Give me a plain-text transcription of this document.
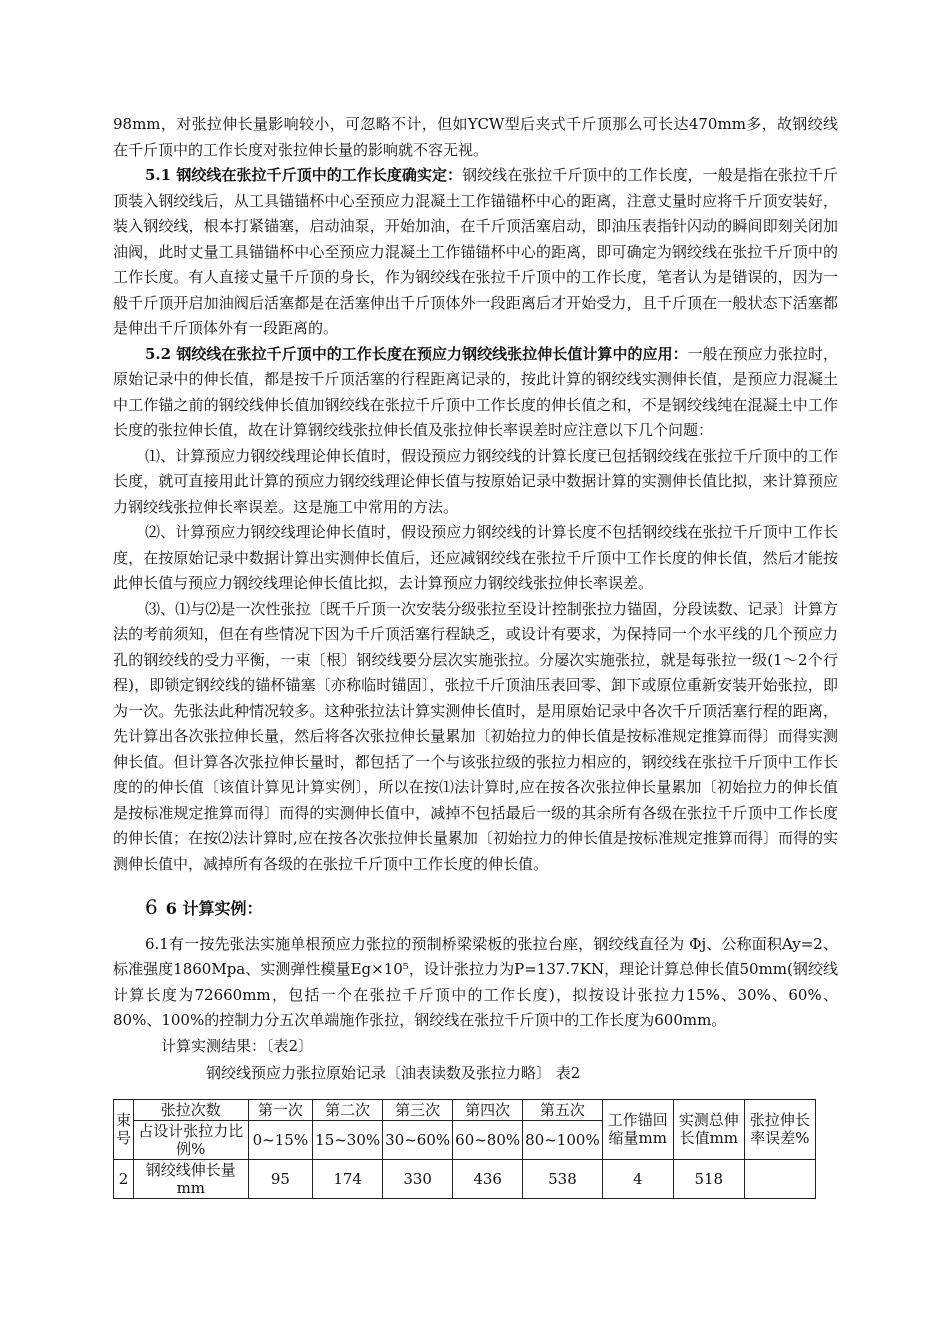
98mm，对张拉伸长量影响较小，可忽略不计，但如YCW型后夹式千斤顶那么可长达470mm多，故钢绞线在千斤顶中的工作长度对张拉伸长量的影响就不容无视。

5.1 钢绞线在张拉千斤顶中的工作长度确实定：钢绞线在张拉千斤顶中的工作长度，一般是指在张拉千斤顶装入钢绞线后，从工具锚锚杯中心至预应力混凝土工作锚锚杯中心的距离，注意丈量时应将千斤顶安装好，装入钢绞线，根本打紧锚塞，启动油泵，开始加油，在千斤顶活塞启动，即油压表指针闪动的瞬间即刻关闭加油阀，此时丈量工具锚锚杯中心至预应力混凝土工作锚锚杯中心的距离，即可确定为钢绞线在张拉千斤顶中的工作长度。有人直接丈量千斤顶的身长，作为钢绞线在张拉千斤顶中的工作长度，笔者认为是错误的，因为一般千斤顶开启加油阀后活塞都是在活塞伸出千斤顶体外一段距离后才开始受力，且千斤顶在一般状态下活塞都是伸出千斤顶体外有一段距离的。

5.2 钢绞线在张拉千斤顶中的工作长度在预应力钢绞线张拉伸长值计算中的应用：一般在预应力张拉时，原始记录中的伸长值，都是按千斤顶活塞的行程距离记录的，按此计算的钢绞线实测伸长值，是预应力混凝土中工作锚之前的钢绞线伸长值加钢绞线在张拉千斤顶中工作长度的伸长值之和，不是钢绞线纯在混凝土中工作长度的张拉伸长值，故在计算钢绞线张拉伸长值及张拉伸长率误差时应注意以下几个问题：

⑴、计算预应力钢绞线理论伸长值时，假设预应力钢绞线的计算长度已包括钢绞线在张拉千斤顶中的工作长度，就可直接用此计算的预应力钢绞线理论伸长值与按原始记录中数据计算的实测伸长值比拟，来计算预应力钢绞线张拉伸长率误差。这是施工中常用的方法。

⑵、计算预应力钢绞线理论伸长值时，假设预应力钢绞线的计算长度不包括钢绞线在张拉千斤顶中工作长度，在按原始记录中数据计算出实测伸长值后，还应减钢绞线在张拉千斤顶中工作长度的伸长值，然后才能按此伸长值与预应力钢绞线理论伸长值比拟，去计算预应力钢绞线张拉伸长率误差。

⑶、⑴与⑵是一次性张拉〔既千斤顶一次安装分级张拉至设计控制张拉力锚固，分段读数、记录〕计算方法的考前须知，但在有些情况下因为千斤顶活塞行程缺乏，或设计有要求，为保持同一个水平线的几个预应力孔的钢绞线的受力平衡，一束〔根〕钢绞线要分层次实施张拉。分屡次实施张拉，就是每张拉一级(1～2个行程)，即锁定钢绞线的锚杯锚塞〔亦称临时锚固〕，张拉千斤顶油压表回零、卸下或原位重新安装开始张拉，即为一次。先张法此种情况较多。这种张拉法计算实测伸长值时，是用原始记录中各次千斤顶活塞行程的距离，先计算出各次张拉伸长量，然后将各次张拉伸长量累加〔初始拉力的伸长值是按标准规定推算而得〕而得实测伸长值。但计算各次张拉伸长量时，都包括了一个与该张拉级的张拉力相应的，钢绞线在张拉千斤顶中工作长度的的伸长值〔该值计算见计算实例〕，所以在按⑴法计算时,应在按各次张拉伸长量累加〔初始拉力的伸长值是按标准规定推算而得〕而得的实测伸长值中，减掉不包括最后一级的其余所有各级在张拉千斤顶中工作长度的伸长值；在按⑵法计算时,应在按各次张拉伸长量累加〔初始拉力的伸长值是按标准规定推算而得〕而得的实测伸长值中，减掉所有各级的在张拉千斤顶中工作长度的伸长值。

6 6 计算实例：

6.1有一按先张法实施单根预应力张拉的预制桥梁梁板的张拉台座，钢绞线直径为 Φj、公称面积Ay=2、标准强度1860Mpa、实测弹性模量Eg×10⁵，设计张拉力为P=137.7KN，理论计算总伸长值50mm(钢绞线计算长度为72660mm，包括一个在张拉千斤顶中的工作长度)，拟按设计张拉力15%、30%、60%、80%、100%的控制力分五次单端施作张拉，钢绞线在张拉千斤顶中的工作长度为600mm。

计算实测结果：〔表2〕

钢绞线预应力张拉原始记录〔油表读数及张拉力略〕 表2

束号	张拉次数	第一次	第二次	第三次	第四次	第五次	工作锚回缩量mm	实测总伸长值mm	张拉伸长率误差%
	占设计张拉力比例%	0~15%	15~30%	30~60%	60~80%	80~100%			
2	钢绞线伸长量mm	95	174	330	436	538	4	518	
